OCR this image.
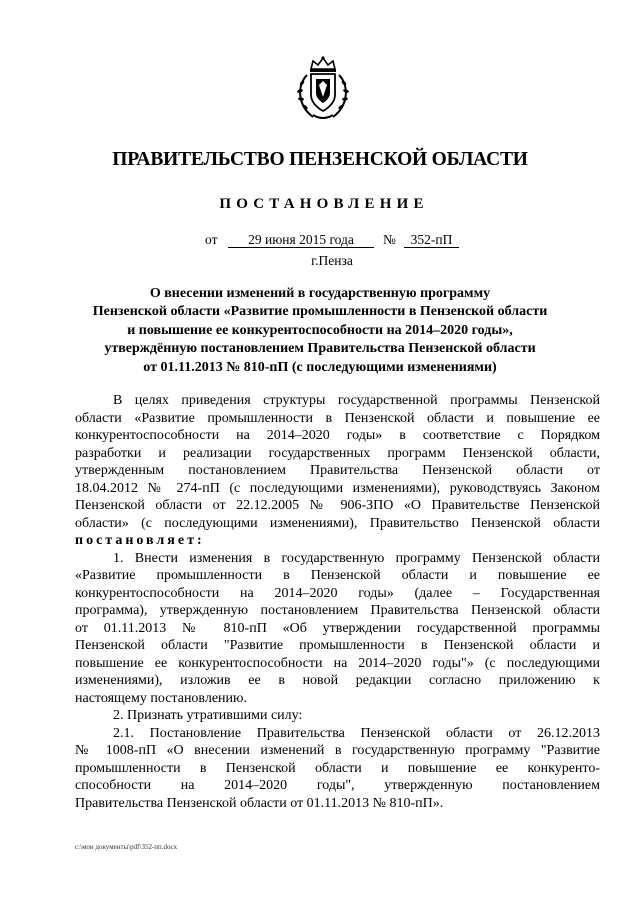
ПРАВИТЕЛЬСТВО ПЕНЗЕНСКОЙ ОБЛАСТИ
ПОСТАНОВЛЕНИЕ
от	29 июня 2015 года	№	352-пП
г.Пенза
О внесении изменений в государственную программу
Пензенской области «Развитие промышленности в Пензенской области
и повышение ее конкурентоспособности на 2014–2020 годы»,
утверждённую постановлением Правительства Пензенской области
от 01.11.2013 № 810-пП (с последующими изменениями)
В целях приведения структуры государственной программы Пензенской
области «Развитие промышленности в Пензенской области и повышение ее
конкурентоспособности на 2014–2020 годы» в соответствие с Порядком
разработки и реализации государственных программ Пензенской области,
утвержденным постановлением Правительства Пензенской области от
18.04.2012 № 274-пП (с последующими изменениями), руководствуясь Законом
Пензенской области от 22.12.2005 № 906-ЗПО «О Правительстве Пензенской
области» (с последующими изменениями), Правительство Пензенской области
постановляет:
1. Внести изменения в государственную программу Пензенской области
«Развитие промышленности в Пензенской области и повышение ее
конкурентоспособности на 2014–2020 годы» (далее – Государственная
программа), утвержденную постановлением Правительства Пензенской области
от 01.11.2013 № 810-пП «Об утверждении государственной программы
Пензенской области "Развитие промышленности в Пензенской области и
повышение ее конкурентоспособности на 2014–2020 годы"» (с последующими
изменениями), изложив ее в новой редакции согласно приложению к
настоящему постановлению.
2. Признать утратившими силу:
2.1. Постановление Правительства Пензенской области от 26.12.2013
№ 1008-пП «О внесении изменений в государственную программу "Развитие
промышленности в Пензенской области и повышение ее конкуренто-
способности на 2014–2020 годы", утвержденную постановлением
Правительства Пензенской области от 01.11.2013 № 810-пП».
c:\мои документы\pdf\352-пп.docx
